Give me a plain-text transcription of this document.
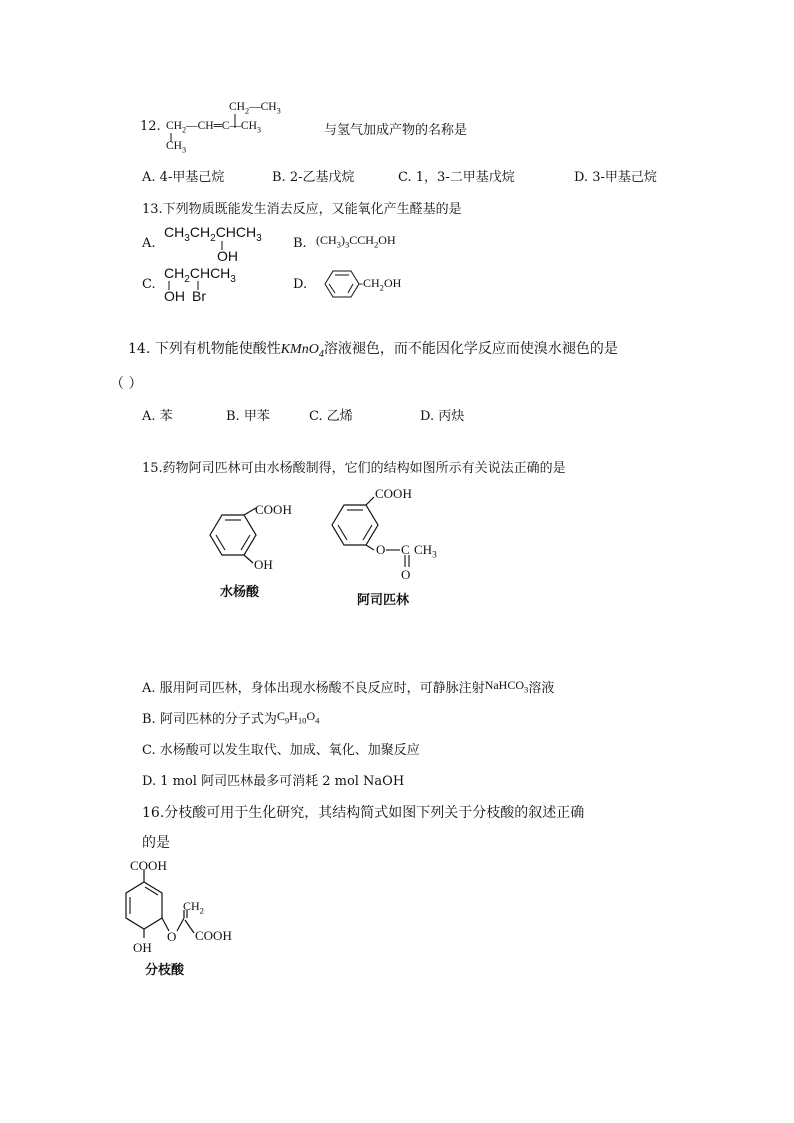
$CH_2—CH_3$
12. $CH_2—CH═C—CH_3$
$CH_3$
与氢气加成产物的名称是
A. 4-甲基己烷	B. 2-乙基戊烷	C. 1，3-二甲基戊烷	D. 3-甲基己烷
13.下列物质既能发生消去反应，又能氧化产生醛基的是
A.
$CH_3CH_2CHCH_3$
OH
B. $(CH_3)_3CCH_2OH$
C.
$CH_2CHCH_3$
OH Br
D.	$-CH_2OH$
14. 下列有机物能使酸性KMnO$_4$溶液褪色，而不能因化学反应而使溴水褪色的是
（ ）
A. 苯	B. 甲苯	C. 乙烯	D. 丙炔
15.药物阿司匹林可由水杨酸制得，它们的结构如图所示有关说法正确的是
COOH
OH
水杨酸
COOH
O C $CH_3$
O
阿司匹林
A. 服用阿司匹林，身体出现水杨酸不良反应时，可静脉注射NaHCO$_3$溶液
B. 阿司匹林的分子式为$C_9H_{10}O_4$
C. 水杨酸可以发生取代、加成、氧化、加聚反应
D. 1 mol 阿司匹林最多可消耗 2 mol NaOH
16.分枝酸可用于生化研究，其结构简式如图下列关于分枝酸的叙述正确
的是
COOH
$CH_2$
O COOH
OH
分枝酸
